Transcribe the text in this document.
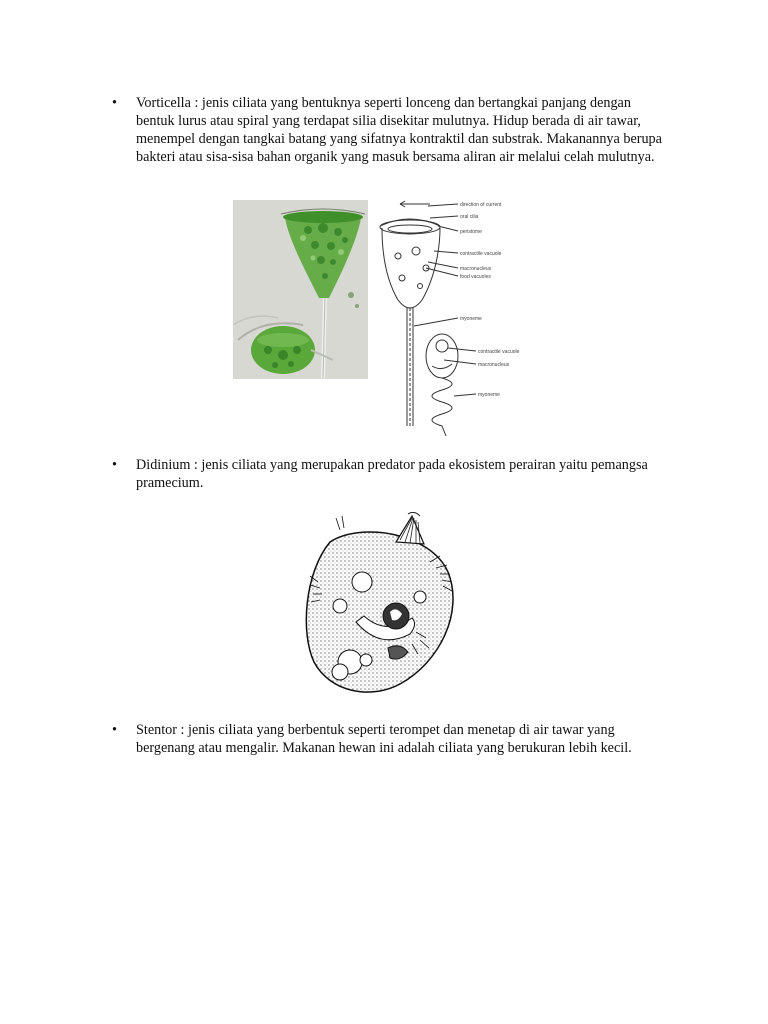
•	Vorticella : jenis ciliata yang bentuknya seperti lonceng dan bertangkai panjang dengan bentuk lurus atau spiral yang terdapat silia disekitar mulutnya. Hidup berada di air tawar, menempel dengan tangkai batang yang sifatnya kontraktil dan substrak. Makanannya berupa bakteri atau sisa-sisa bahan organik yang masuk bersama aliran air melalui celah mulutnya.
direction of current
oral cilia
peristome
contractile vacuole
macronucleus
food vacuoles
myoneme
contractile vacuole
macronucleus
myoneme
•	Didinium : jenis ciliata yang merupakan predator pada ekosistem perairan yaitu pemangsa pramecium.
•	Stentor : jenis ciliata yang berbentuk seperti terompet dan menetap di air tawar yang bergenang atau mengalir. Makanan hewan ini adalah ciliata yang berukuran lebih kecil.
